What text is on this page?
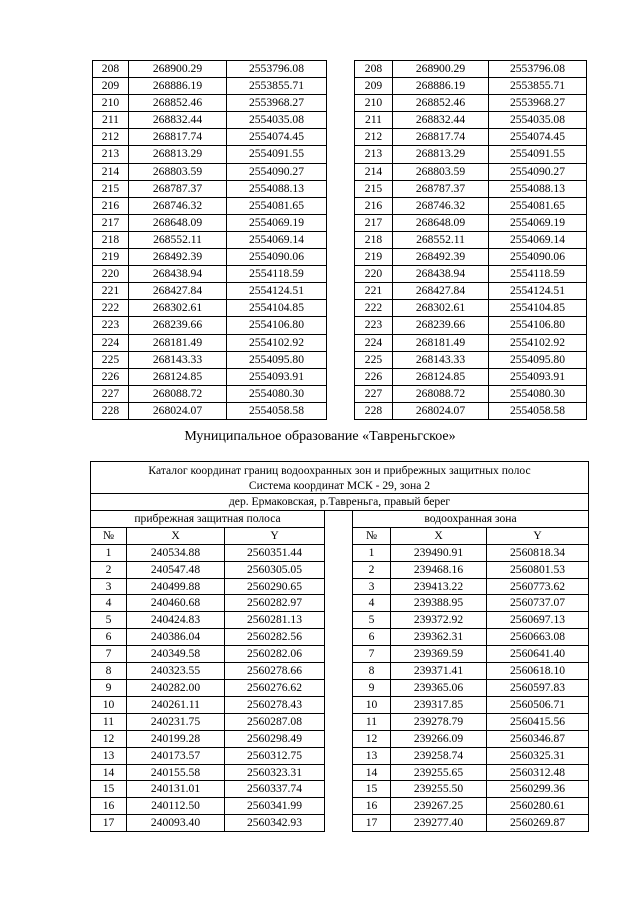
208	268900.29	2553796.08		208	268900.29	2553796.08
209	268886.19	2553855.71		209	268886.19	2553855.71
210	268852.46	2553968.27		210	268852.46	2553968.27
211	268832.44	2554035.08		211	268832.44	2554035.08
212	268817.74	2554074.45		212	268817.74	2554074.45
213	268813.29	2554091.55		213	268813.29	2554091.55
214	268803.59	2554090.27		214	268803.59	2554090.27
215	268787.37	2554088.13		215	268787.37	2554088.13
216	268746.32	2554081.65		216	268746.32	2554081.65
217	268648.09	2554069.19		217	268648.09	2554069.19
218	268552.11	2554069.14		218	268552.11	2554069.14
219	268492.39	2554090.06		219	268492.39	2554090.06
220	268438.94	2554118.59		220	268438.94	2554118.59
221	268427.84	2554124.51		221	268427.84	2554124.51
222	268302.61	2554104.85		222	268302.61	2554104.85
223	268239.66	2554106.80		223	268239.66	2554106.80
224	268181.49	2554102.92		224	268181.49	2554102.92
225	268143.33	2554095.80		225	268143.33	2554095.80
226	268124.85	2554093.91		226	268124.85	2554093.91
227	268088.72	2554080.30		227	268088.72	2554080.30
228	268024.07	2554058.58		228	268024.07	2554058.58
Муниципальное образование «Тавреньгское»
Каталог координат границ водоохранных зон и прибрежных защитных полос
Система координат МСК - 29, зона 2						

дер. Ермаковская, р.Тавреньга, правый берег						
прибрежная защитная полоса				водоохранная зона		
№	X	Y		№	X	Y
1	240534.88	2560351.44		1	239490.91	2560818.34
2	240547.48	2560305.05		2	239468.16	2560801.53
3	240499.88	2560290.65		3	239413.22	2560773.62
4	240460.68	2560282.97		4	239388.95	2560737.07
5	240424.83	2560281.13		5	239372.92	2560697.13
6	240386.04	2560282.56		6	239362.31	2560663.08
7	240349.58	2560282.06		7	239369.59	2560641.40
8	240323.55	2560278.66		8	239371.41	2560618.10
9	240282.00	2560276.62		9	239365.06	2560597.83
10	240261.11	2560278.43		10	239317.85	2560506.71
11	240231.75	2560287.08		11	239278.79	2560415.56
12	240199.28	2560298.49		12	239266.09	2560346.87
13	240173.57	2560312.75		13	239258.74	2560325.31
14	240155.58	2560323.31		14	239255.65	2560312.48
15	240131.01	2560337.74		15	239255.50	2560299.36
16	240112.50	2560341.99		16	239267.25	2560280.61
17	240093.40	2560342.93		17	239277.40	2560269.87
